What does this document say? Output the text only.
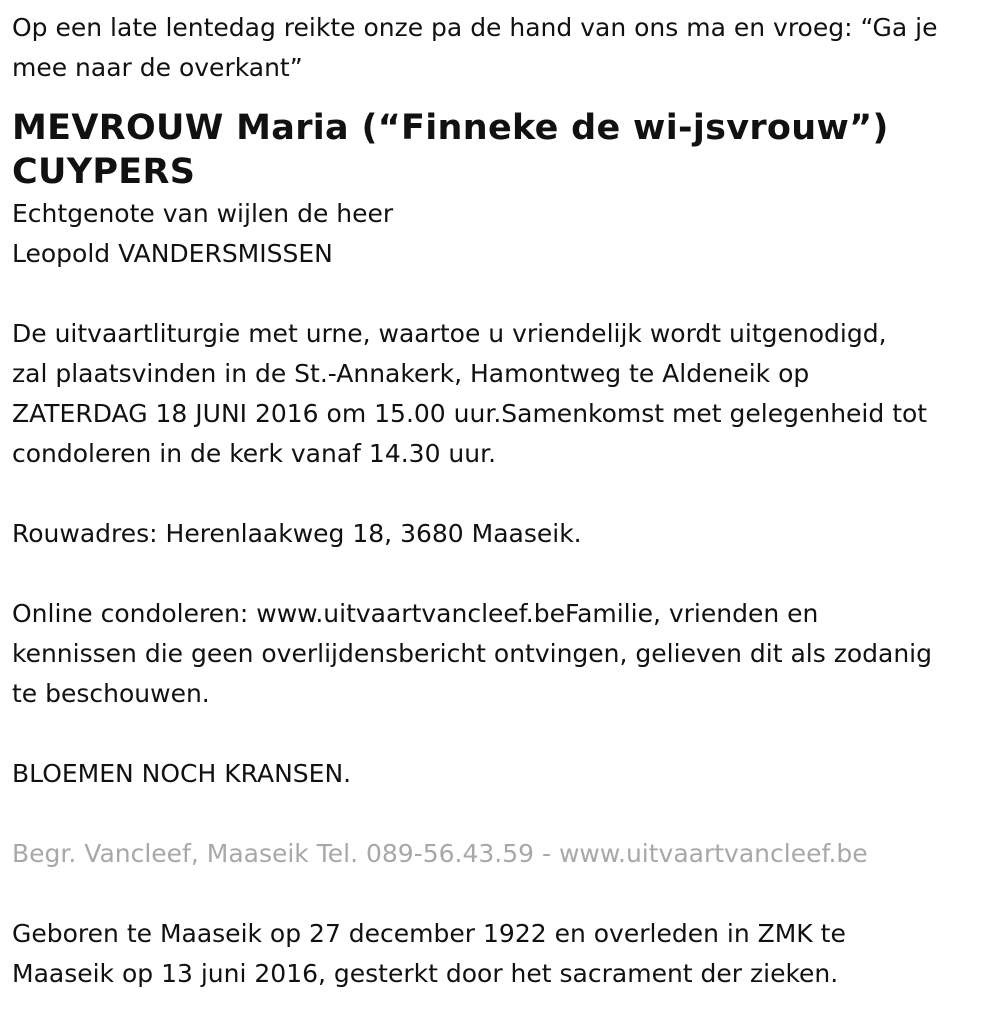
Op een late lentedag reikte onze pa de hand van ons ma en vroeg: “Ga je
mee naar de overkant”

MEVROUW Maria (“Finneke de wi-jsvrouw”)
CUYPERS

Echtgenote van wijlen de heer
Leopold VANDERSMISSEN

De uitvaartliturgie met urne, waartoe u vriendelijk wordt uitgenodigd,
zal plaatsvinden in de St.-Annakerk, Hamontweg te Aldeneik op
ZATERDAG 18 JUNI 2016 om 15.00 uur.Samenkomst met gelegenheid tot
condoleren in de kerk vanaf 14.30 uur.

Rouwadres: Herenlaakweg 18, 3680 Maaseik.

Online condoleren: www.uitvaartvancleef.beFamilie, vrienden en
kennissen die geen overlijdensbericht ontvingen, gelieven dit als zodanig
te beschouwen.

BLOEMEN NOCH KRANSEN.

Begr. Vancleef, Maaseik Tel. 089-56.43.59 - www.uitvaartvancleef.be

Geboren te Maaseik op 27 december 1922 en overleden in ZMK te
Maaseik op 13 juni 2016, gesterkt door het sacrament der zieken.
